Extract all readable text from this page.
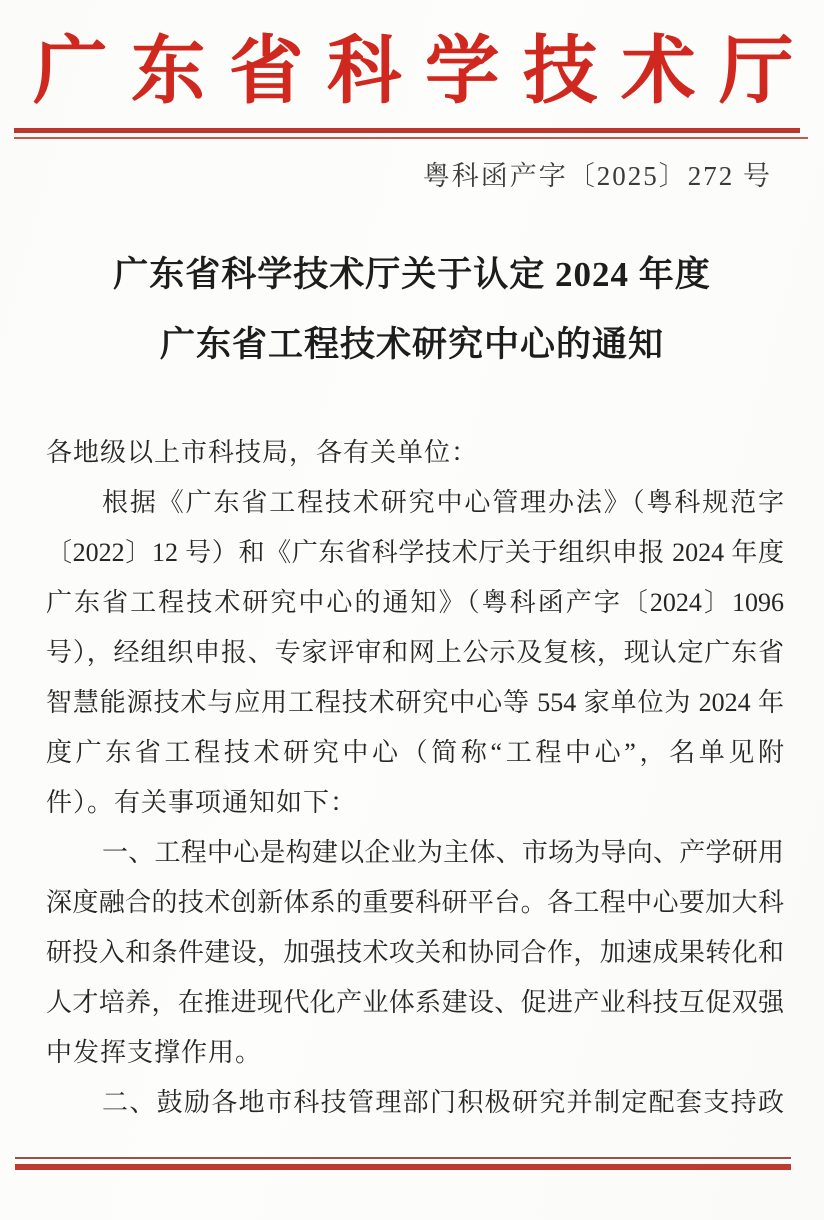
广东省科学技术厅
粤科函产字〔2025〕272 号
广东省科学技术厅关于认定 2024 年度
广东省工程技术研究中心的通知
各地级以上市科技局，各有关单位：
根据《广东省工程技术研究中心管理办法》（粤科规范字
〔2022〕12 号）和《广东省科学技术厅关于组织申报 2024 年度
广东省工程技术研究中心的通知》（粤科函产字〔2024〕1096
号），经组织申报、专家评审和网上公示及复核，现认定广东省
智慧能源技术与应用工程技术研究中心等 554 家单位为 2024 年
度广东省工程技术研究中心（简称“工程中心”，名单见附
件）。有关事项通知如下：
一、工程中心是构建以企业为主体、市场为导向、产学研用
深度融合的技术创新体系的重要科研平台。各工程中心要加大科
研投入和条件建设，加强技术攻关和协同合作，加速成果转化和
人才培养，在推进现代化产业体系建设、促进产业科技互促双强
中发挥支撑作用。
二、鼓励各地市科技管理部门积极研究并制定配套支持政
